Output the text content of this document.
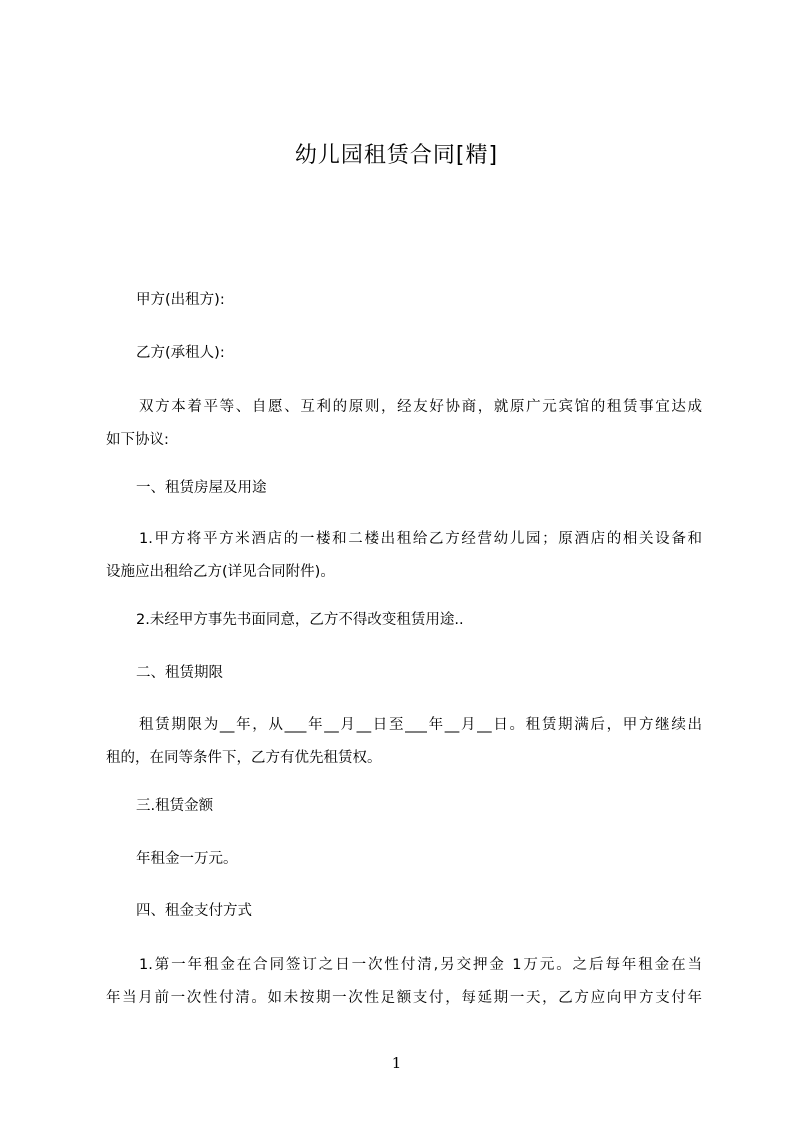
幼儿园租赁合同[精]
甲方(出租方):
乙方(承租人):
双方本着平等、自愿、互利的原则，经友好协商，就原广元宾馆的租赁事宜达成
如下协议:
一、租赁房屋及用途
1.甲方将平方米酒店的一楼和二楼出租给乙方经营幼儿园；原酒店的相关设备和
设施应出租给乙方(详见合同附件)。
2.未经甲方事先书面同意，乙方不得改变租赁用途..
二、租赁期限
租赁期限为__年，从___年__月__日至___年__月__日。租赁期满后，甲方继续出
租的，在同等条件下，乙方有优先租赁权。
三.租赁金额
年租金一万元。
四、租金支付方式
1.第一年租金在合同签订之日一次性付清,另交押金 1万元。之后每年租金在当
年当月前一次性付清。如未按期一次性足额支付，每延期一天，乙方应向甲方支付年
1
